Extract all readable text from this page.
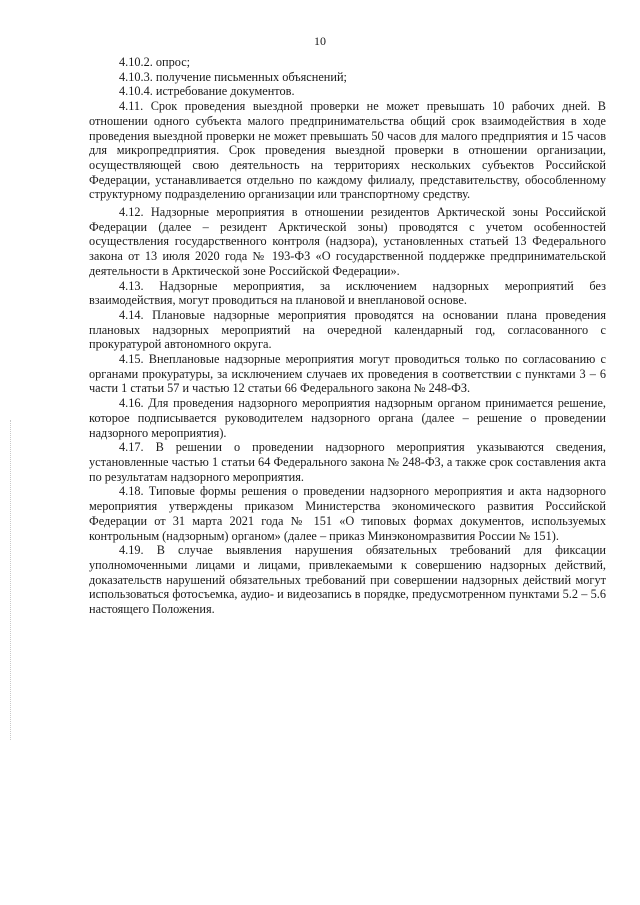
10

4.10.2. опрос;

4.10.3. получение письменных объяснений;

4.10.4. истребование документов.

4.11. Срок проведения выездной проверки не может превышать 10 рабочих дней. В отношении одного субъекта малого предпринимательства общий срок взаимодействия в ходе проведения выездной проверки не может превышать 50 часов для малого предприятия и 15 часов для микропредприятия. Срок проведения выездной проверки в отношении организации, осуществляющей свою деятельность на территориях нескольких субъектов Российской Федерации, устанавливается отдельно по каждому филиалу, представительству, обособленному структурному подразделению организации или транспортному средству.

4.12. Надзорные мероприятия в отношении резидентов Арктической зоны Российской Федерации (далее – резидент Арктической зоны) проводятся с учетом особенностей осуществления государственного контроля (надзора), установленных статьей 13 Федерального закона от 13 июля 2020 года № 193-ФЗ «О государственной поддержке предпринимательской деятельности в Арктической зоне Российской Федерации».

4.13. Надзорные мероприятия, за исключением надзорных мероприятий без взаимодействия, могут проводиться на плановой и внеплановой основе.

4.14. Плановые надзорные мероприятия проводятся на основании плана проведения плановых надзорных мероприятий на очередной календарный год, согласованного с прокуратурой автономного округа.

4.15. Внеплановые надзорные мероприятия могут проводиться только по согласованию с органами прокуратуры, за исключением случаев их проведения в соответствии с пунктами 3 – 6 части 1 статьи 57 и частью 12 статьи 66 Федерального закона № 248-ФЗ.

4.16. Для проведения надзорного мероприятия надзорным органом принимается решение, которое подписывается руководителем надзорного органа (далее – решение о проведении надзорного мероприятия).

4.17. В решении о проведении надзорного мероприятия указываются сведения, установленные частью 1 статьи 64 Федерального закона № 248-ФЗ, а также срок составления акта по результатам надзорного мероприятия.

4.18. Типовые формы решения о проведении надзорного мероприятия и акта надзорного мероприятия утверждены приказом Министерства экономического развития Российской Федерации от 31 марта 2021 года № 151 «О типовых формах документов, используемых контрольным (надзорным) органом» (далее – приказ Минэкономразвития России № 151).

4.19. В случае выявления нарушения обязательных требований для фиксации уполномоченными лицами и лицами, привлекаемыми к совершению надзорных действий, доказательств нарушений обязательных требований при совершении надзорных действий могут использоваться фотосъемка, аудио- и видеозапись в порядке, предусмотренном пунктами 5.2 – 5.6 настоящего Положения.
